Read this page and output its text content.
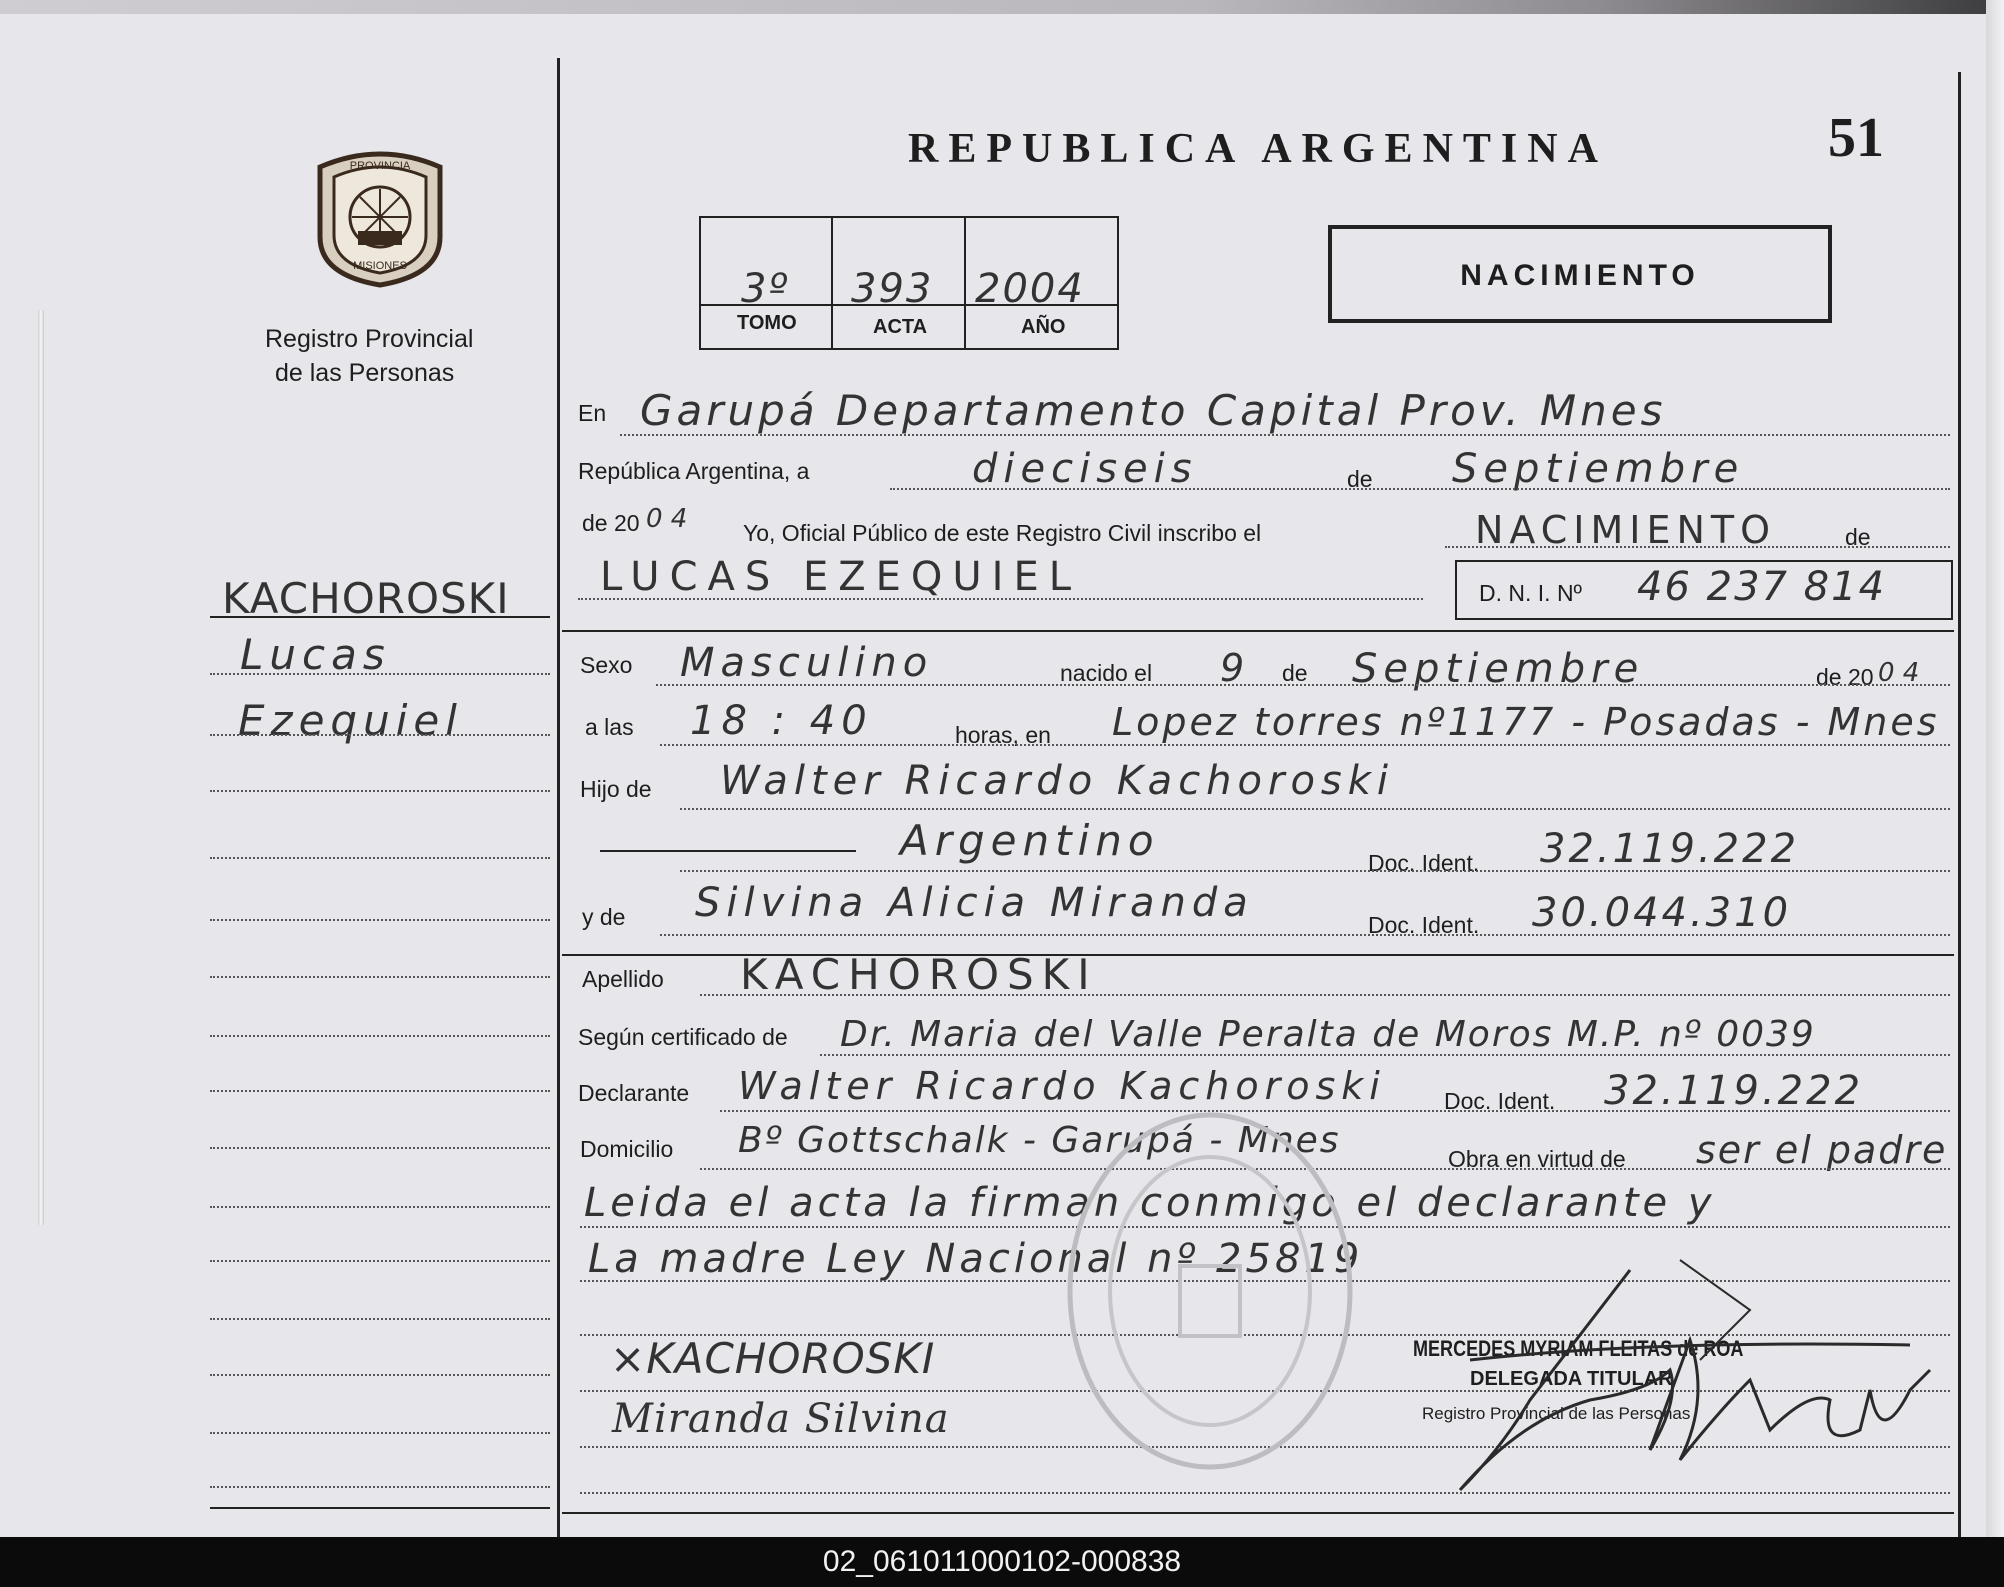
PROVINCIA
MISIONES
Registro Provincial
de las Personas
REPUBLICA ARGENTINA	51
3º 393 2004
TOMO	ACTA	AÑO
NACIMIENTO
KACHOROSKI
Lucas
Ezequiel
En Garupá Departamento Capital Prov. Mnes
República Argentina, a	dieciseis	de Septiembre
de 20 0 4 Yo, Oficial Público de este Registro Civil inscribo el	NACIMIENTO	de
LUCAS EZEQUIEL	D. N. I. Nº 46 237 814
Sexo Masculino	nacido el 9 de Septiembre	de 20 0 4
a las 18 : 40	horas, en Lopez torres nº1177 - Posadas - Mnes
Hijo de Walter Ricardo Kachoroski
Argentino	Doc. Ident. 32.119.222
y de Silvina Alicia Miranda	Doc. Ident. 30.044.310
Apellido KACHOROSKI
Según certificado de Dr. Maria del Valle Peralta de Moros M.P. nº 0039
Declarante Walter Ricardo Kachoroski	Doc. Ident. 32.119.222
Domicilio Bº Gottschalk - Garupá - Mnes	Obra en virtud de ser el padre
Leida el acta la firman conmigo el declarante y
La madre Ley Nacional nº 25819
×KACHOROSKI
Miranda Silvina
MERCEDES MYRIAM FLEITAS de ROA
DELEGADA TITULAR
Registro Provincial de las Personas
02_061011000102-000838
